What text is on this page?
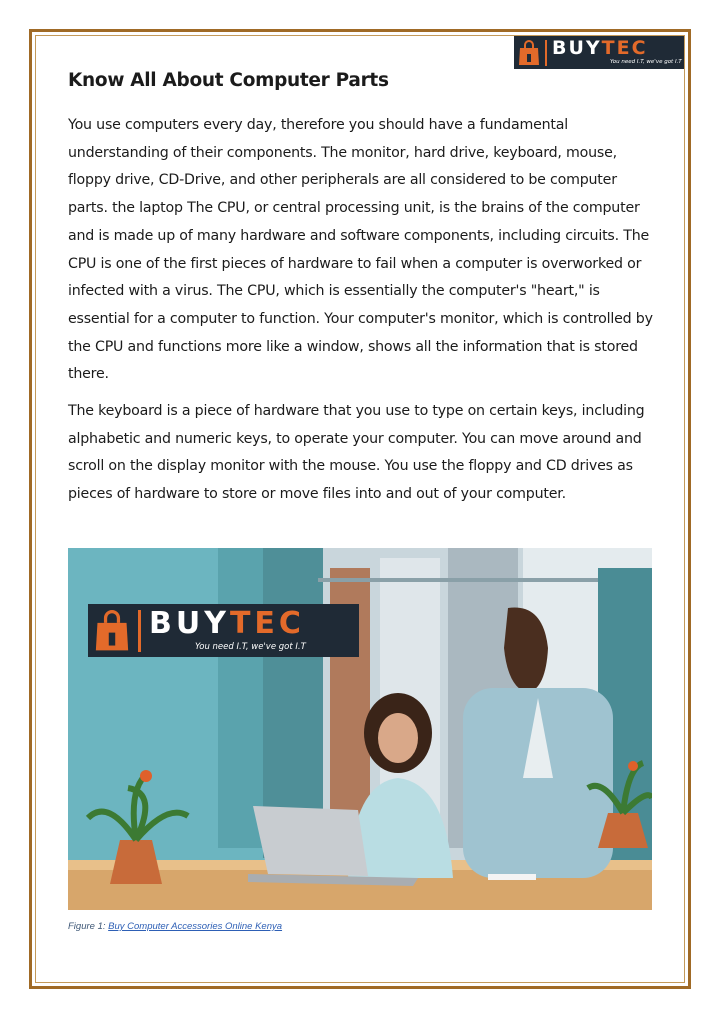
BUYTEC
You need I.T, we've got I.T
Know All About Computer Parts

You use computers every day, therefore you should have a fundamental understanding of their components. The monitor, hard drive, keyboard, mouse, floppy drive, CD-Drive, and other peripherals are all considered to be computer parts. the laptop The CPU, or central processing unit, is the brains of the computer and is made up of many hardware and software components, including circuits. The CPU is one of the first pieces of hardware to fail when a computer is overworked or infected with a virus. The CPU, which is essentially the computer's "heart," is essential for a computer to function. Your computer's monitor, which is controlled by the CPU and functions more like a window, shows all the information that is stored there.

The keyboard is a piece of hardware that you use to type on certain keys, including alphabetic and numeric keys, to operate your computer. You can move around and scroll on the display monitor with the mouse. You use the floppy and CD drives as pieces of hardware to store or move files into and out of your computer.

BUYTEC
You need I.T, we've got I.T

Figure 1: Buy Computer Accessories Online Kenya
